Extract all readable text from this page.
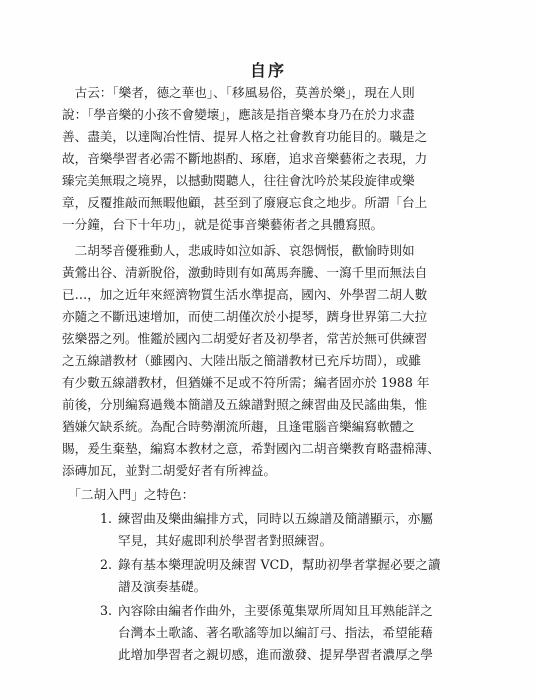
自序
　古云：「樂者，德之華也」、「移風易俗，莫善於樂」，現在人則
說：「學音樂的小孩不會變壞」，應該是指音樂本身乃在於力求盡
善、盡美，以達陶冶性情、提昇人格之社會教育功能目的。職是之
故，音樂學習者必需不斷地斟酌、琢磨，追求音樂藝術之表現，力
臻完美無瑕之境界，以撼動閱聽人，往往會沈吟於某段旋律或樂
章，反覆推敲而無暇他顧，甚至到了廢寢忘食之地步。所謂「台上
一分鐘，台下十年功」，就是從事音樂藝術者之具體寫照。
　二胡琴音優雅動人，悲戚時如泣如訴、哀怨惆悵，歡愉時則如
黃鶯出谷、清新脫俗，激動時則有如萬馬奔騰、一瀉千里而無法自
已…，加之近年來經濟物質生活水準提高，國內、外學習二胡人數
亦隨之不斷迅速增加，而使二胡僅次於小提琴，躋身世界第二大拉
弦樂器之列。惟鑑於國內二胡愛好者及初學者，常苦於無可供練習
之五線譜教材（雖國內、大陸出版之簡譜教材已充斥坊間），或雖
有少數五線譜教材，但猶嫌不足或不符所需；編者固亦於 1988 年
前後，分別編寫過幾本簡譜及五線譜對照之練習曲及民謠曲集，惟
猶嫌欠缺系統。為配合時勢潮流所趨，且逢電腦音樂編寫軟體之
賜，爰生棄墊，編寫本教材之意，希對國內二胡音樂教育略盡棉薄、
添磚加瓦，並對二胡愛好者有所裨益。
　「二胡入門」之特色：
1. 練習曲及樂曲編排方式，同時以五線譜及簡譜顯示，亦屬
罕見，其好處即利於學習者對照練習。
2. 錄有基本樂理說明及練習 VCD，幫助初學者掌握必要之讀
譜及演奏基礎。
3. 內容除由編者作曲外，主要係蒐集眾所周知且耳熟能詳之
台灣本土歌謠、著名歌謠等加以編訂弓、指法，希望能藉
此增加學習者之親切感，進而激發、提昇學習者濃厚之學
